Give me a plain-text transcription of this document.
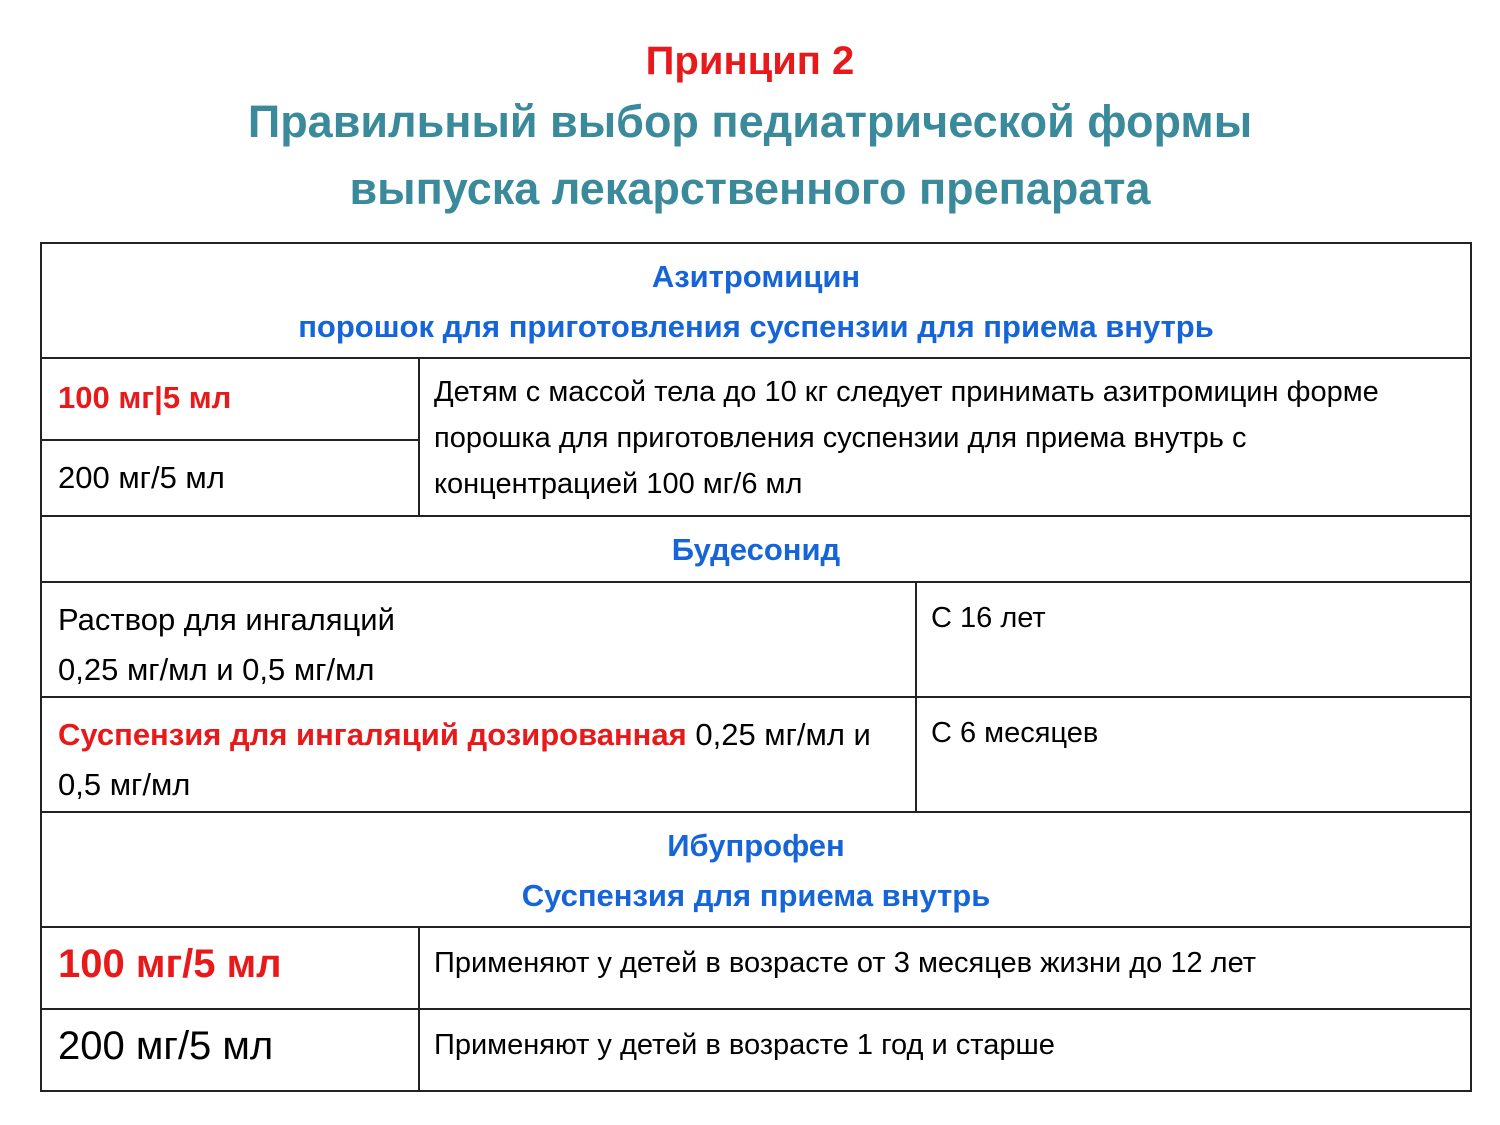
Принцип 2
Правильный выбор педиатрической формы
выпуска лекарственного препарата
Азитромицин
порошок для приготовления суспензии для приема внутрь
100 мг|5 мл
200 мг/5 мл
Детям с массой тела до 10 кг следует принимать азитромицин форме порошка для приготовления суспензии для приема внутрь с концентрацией 100 мг/6 мл
Будесонид
Раствор для ингаляций
0,25 мг/мл и 0,5 мг/мл
С 16 лет
Суспензия для ингаляций дозированная 0,25 мг/мл и 0,5 мг/мл
С 6 месяцев
Ибупрофен
Суспензия для приема внутрь
100 мг/5 мл	Применяют у детей в возрасте от 3 месяцев жизни до 12 лет
200 мг/5 мл	Применяют у детей в возрасте 1 год и старше
